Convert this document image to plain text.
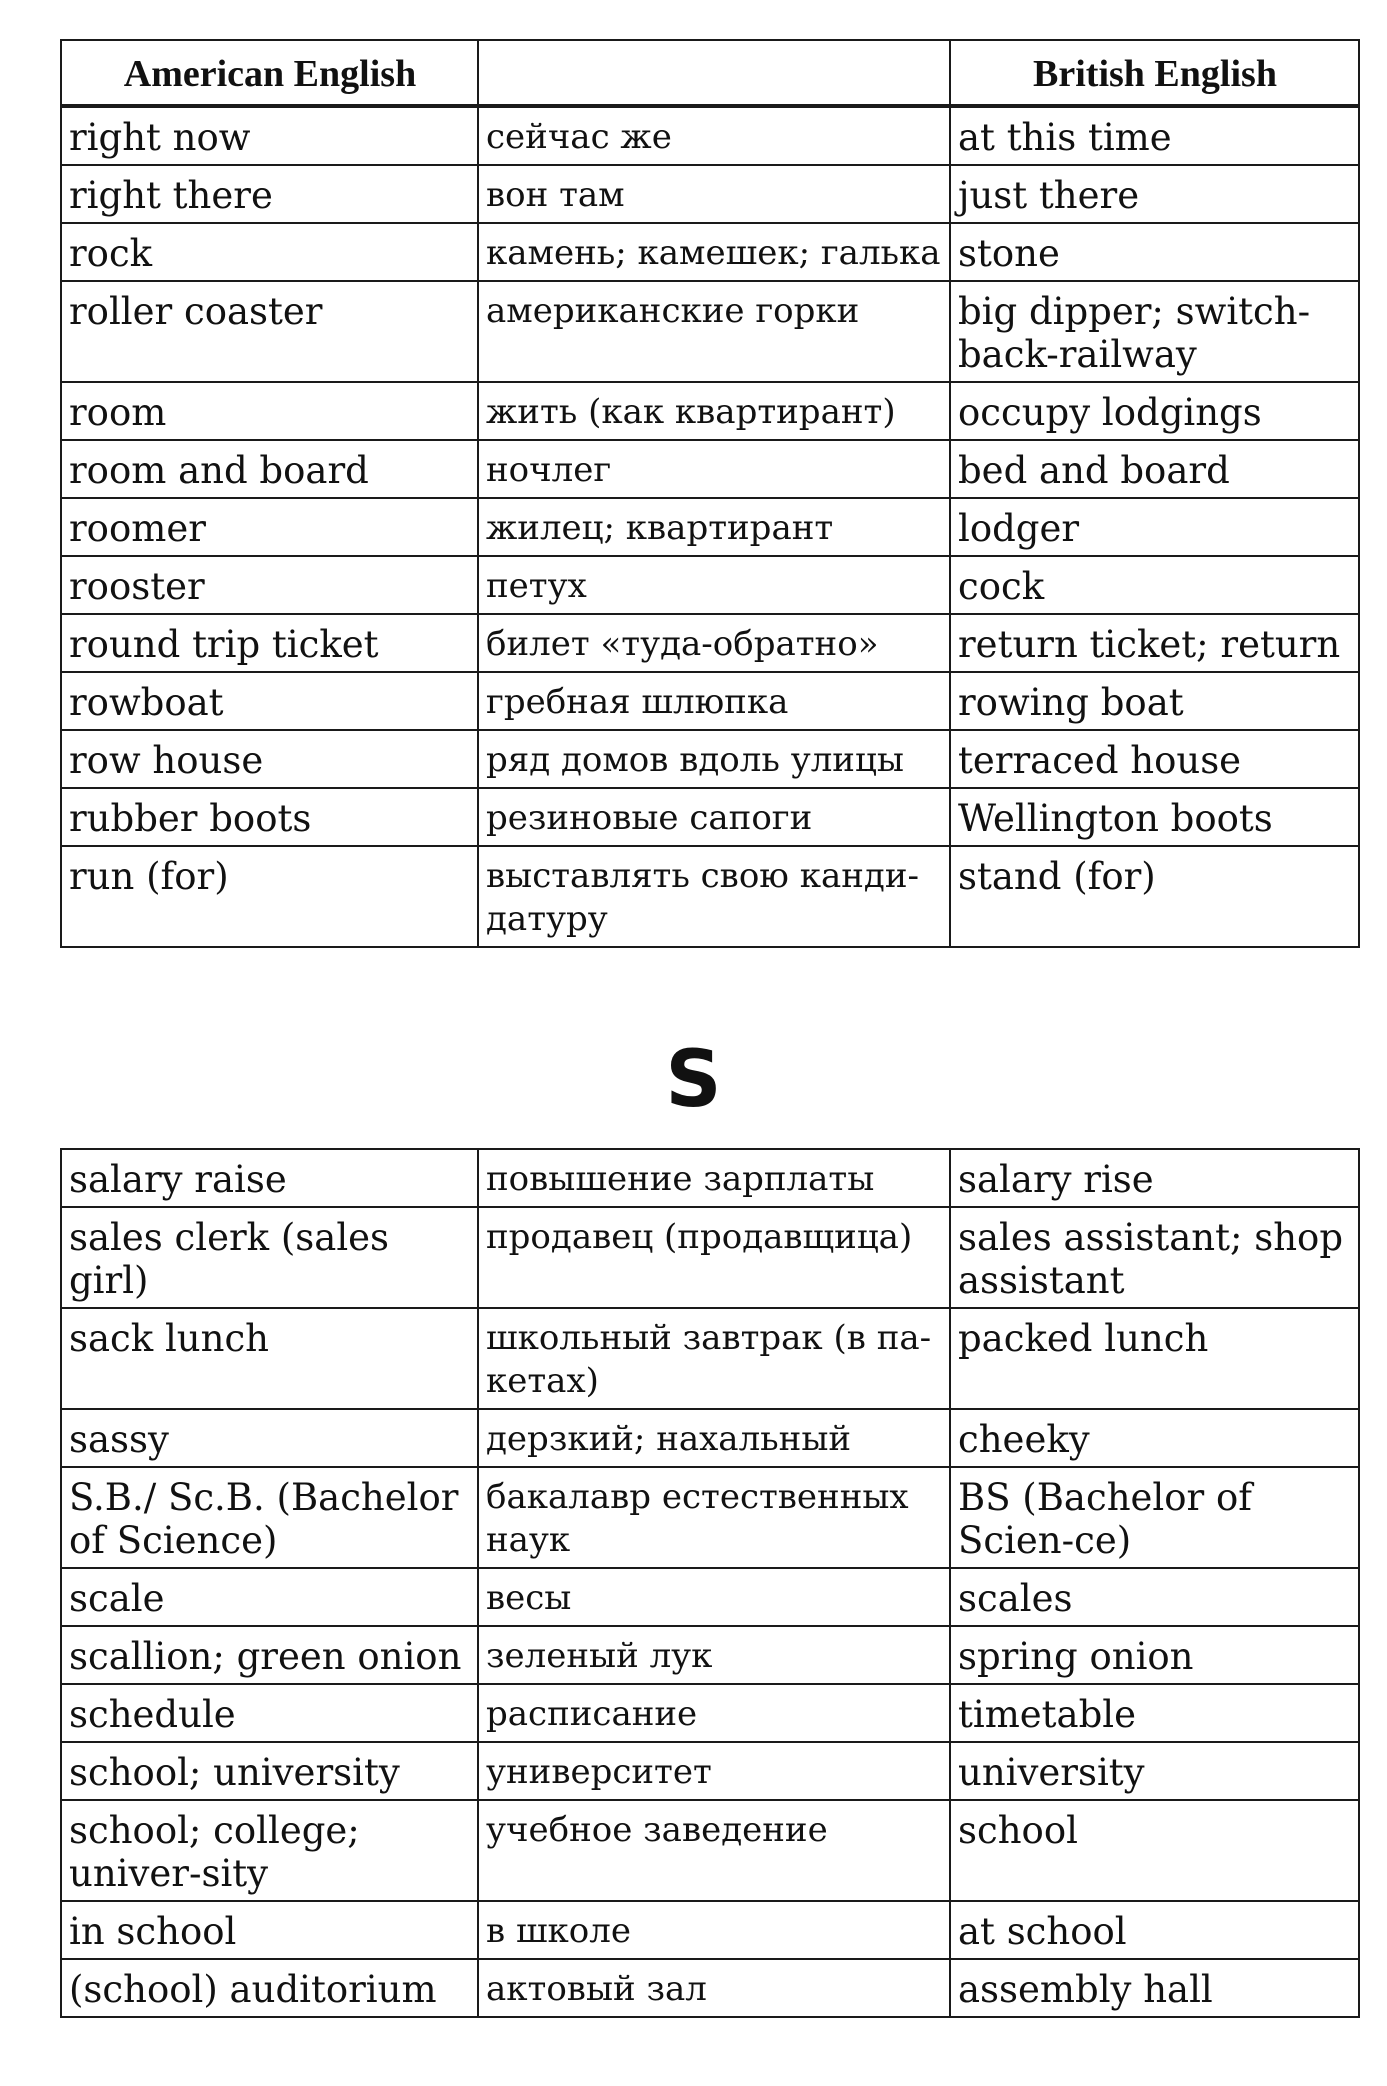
American English		British English
right now	сейчас же	at this time
right there	вон там	just there
rock	камень; камешек; галька	stone
roller coaster	американские горки	big dipper; switch-back-railway
room	жить (как квартирант)	occupy lodgings
room and board	ночлег	bed and board
roomer	жилец; квартирант	lodger
rooster	петух	cock
round trip ticket	билет «туда-обратно»	return ticket; return
rowboat	гребная шлюпка	rowing boat
row house	ряд домов вдоль улицы	terraced house
rubber boots	резиновые сапоги	Wellington boots
run (for)	выставлять свою канди-датуру	stand (for)
S
salary raise	повышение зарплаты	salary rise
sales clerk (sales girl)	продавец (продавщица)	sales assistant; shop assistant
sack lunch	школьный завтрак (в па-кетах)	packed lunch
sassy	дерзкий; нахальный	cheeky
S.B./ Sc.B. (Bachelor of Science)	бакалавр естественных наук	BS (Bachelor of Scien-ce)
scale	весы	scales
scallion; green onion	зеленый лук	spring onion
schedule	расписание	timetable
school; university	университет	university
school; college; univer-sity	учебное заведение	school
in school	в школе	at school
(school) auditorium	актовый зал	assembly hall
